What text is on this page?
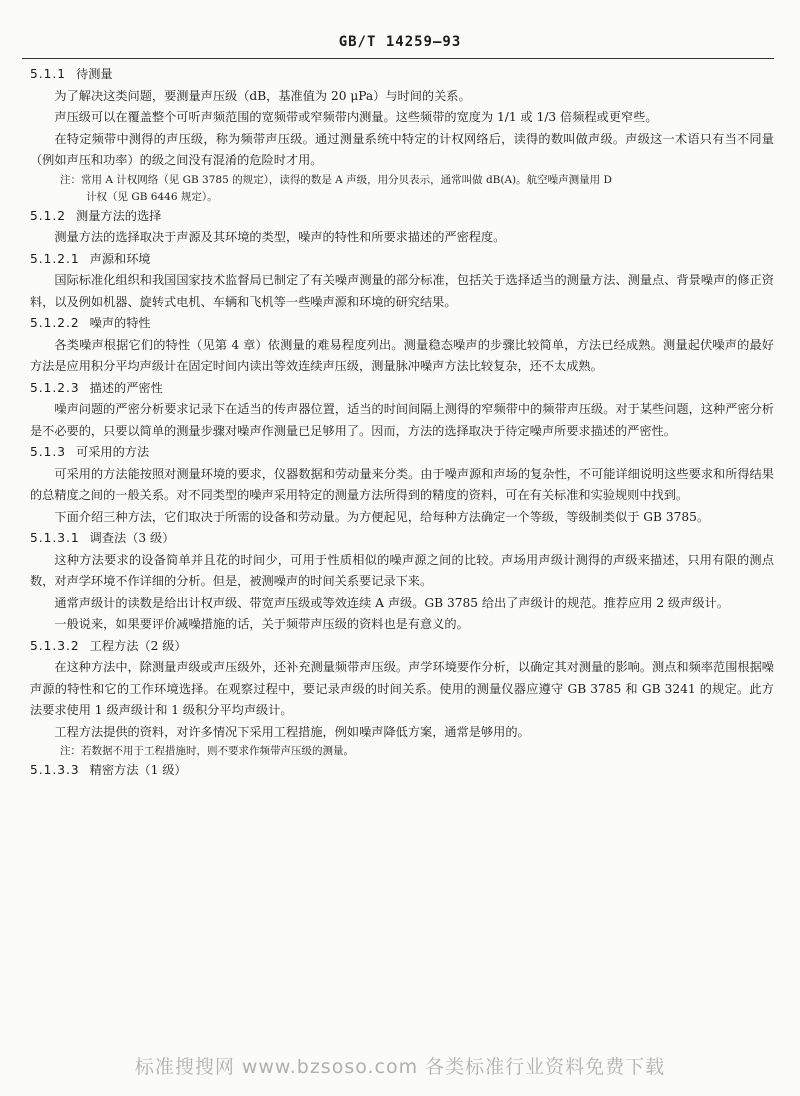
GB/T 14259—93
5.1.1 待测量

为了解决这类问题，要测量声压级（dB，基准值为 20 μPa）与时间的关系。

声压级可以在覆盖整个可听声频范围的宽频带或窄频带内测量。这些频带的宽度为 1/1 或 1/3 倍频程或更窄些。

在特定频带中测得的声压级，称为频带声压级。通过测量系统中特定的计权网络后，读得的数叫做声级。声级这一术语只有当不同量（例如声压和功率）的级之间没有混淆的危险时才用。

注：常用 A 计权网络（见 GB 3785 的规定），读得的数是 A 声级，用分贝表示，通常叫做 dB(A)。航空噪声测量用 D

计权（见 GB 6446 规定）。

5.1.2 测量方法的选择

测量方法的选择取决于声源及其环境的类型，噪声的特性和所要求描述的严密程度。

5.1.2.1 声源和环境

国际标准化组织和我国国家技术监督局已制定了有关噪声测量的部分标准，包括关于选择适当的测量方法、测量点、背景噪声的修正资料，以及例如机器、旋转式电机、车辆和飞机等一些噪声源和环境的研究结果。

5.1.2.2 噪声的特性

各类噪声根据它们的特性（见第 4 章）依测量的难易程度列出。测量稳态噪声的步骤比较简单，方法已经成熟。测量起伏噪声的最好方法是应用积分平均声级计在固定时间内读出等效连续声压级，测量脉冲噪声方法比较复杂，还不太成熟。

5.1.2.3 描述的严密性

噪声问题的严密分析要求记录下在适当的传声器位置，适当的时间间隔上测得的窄频带中的频带声压级。对于某些问题，这种严密分析是不必要的，只要以简单的测量步骤对噪声作测量已足够用了。因而，方法的选择取决于待定噪声所要求描述的严密性。

5.1.3 可采用的方法

可采用的方法能按照对测量环境的要求，仪器数据和劳动量来分类。由于噪声源和声场的复杂性，不可能详细说明这些要求和所得结果的总精度之间的一般关系。对不同类型的噪声采用特定的测量方法所得到的精度的资料，可在有关标准和实验规则中找到。

下面介绍三种方法，它们取决于所需的设备和劳动量。为方便起见，给每种方法确定一个等级，等级制类似于 GB 3785。

5.1.3.1 调查法（3 级）

这种方法要求的设备简单并且花的时间少，可用于性质相似的噪声源之间的比较。声场用声级计测得的声级来描述，只用有限的测点数，对声学环境不作详细的分析。但是，被测噪声的时间关系要记录下来。

通常声级计的读数是给出计权声级、带宽声压级或等效连续 A 声级。GB 3785 给出了声级计的规范。推荐应用 2 级声级计。

一般说来，如果要评价减噪措施的话，关于频带声压级的资料也是有意义的。

5.1.3.2 工程方法（2 级）

在这种方法中，除测量声级或声压级外，还补充测量频带声压级。声学环境要作分析，以确定其对测量的影响。测点和频率范围根据噪声源的特性和它的工作环境选择。在观察过程中，要记录声级的时间关系。使用的测量仪器应遵守 GB 3785 和 GB 3241 的规定。此方法要求使用 1 级声级计和 1 级积分平均声级计。

工程方法提供的资料，对许多情况下采用工程措施，例如噪声降低方案，通常是够用的。

注：若数据不用于工程措施时，则不要求作频带声压级的测量。

5.1.3.3 精密方法（1 级）
标准搜搜网 www.bzsoso.com 各类标准行业资料免费下载
